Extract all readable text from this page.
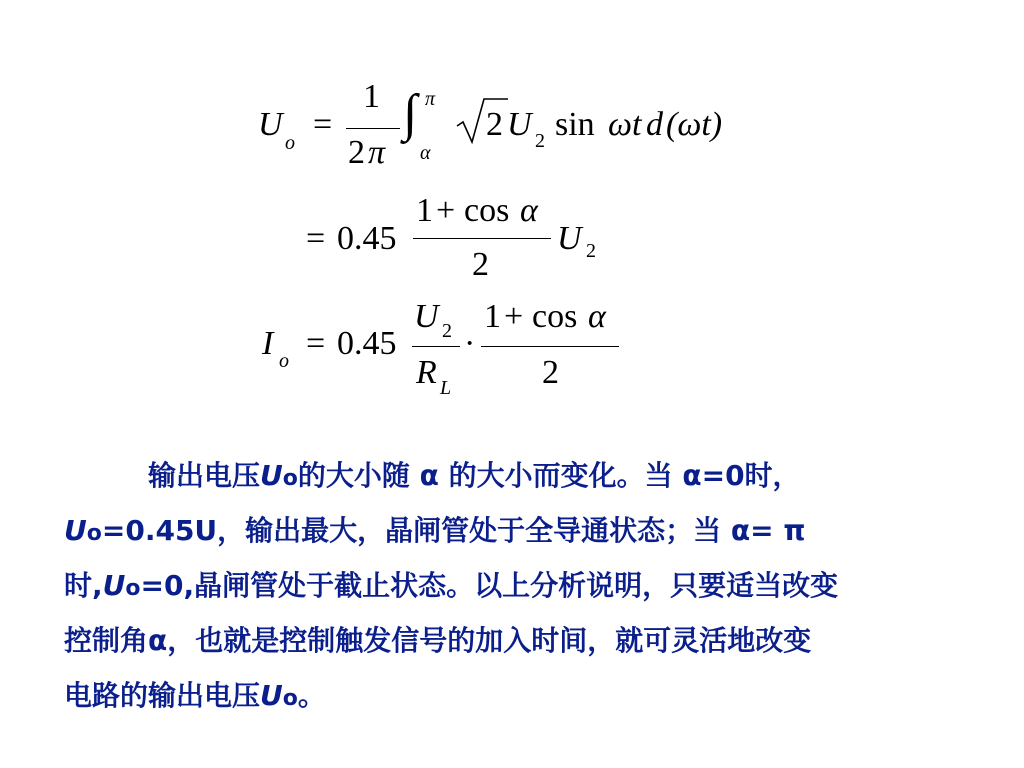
U o =
1
2 π
∫ π
α
2 U 2 sin ωt d (ωt)
= 0.45
1 + cos α
2
U 2
I o = 0.45
U 2
R L
·
1 + cos α
2
输出电压Uo的大小随 α 的大小而变化。当 α=0时，
Uo=0.45U，输出最大，晶闸管处于全导通状态；当 α= π
时,Uo=0,晶闸管处于截止状态。以上分析说明，只要适当改变
控制角α，也就是控制触发信号的加入时间，就可灵活地改变
电路的输出电压Uo。
